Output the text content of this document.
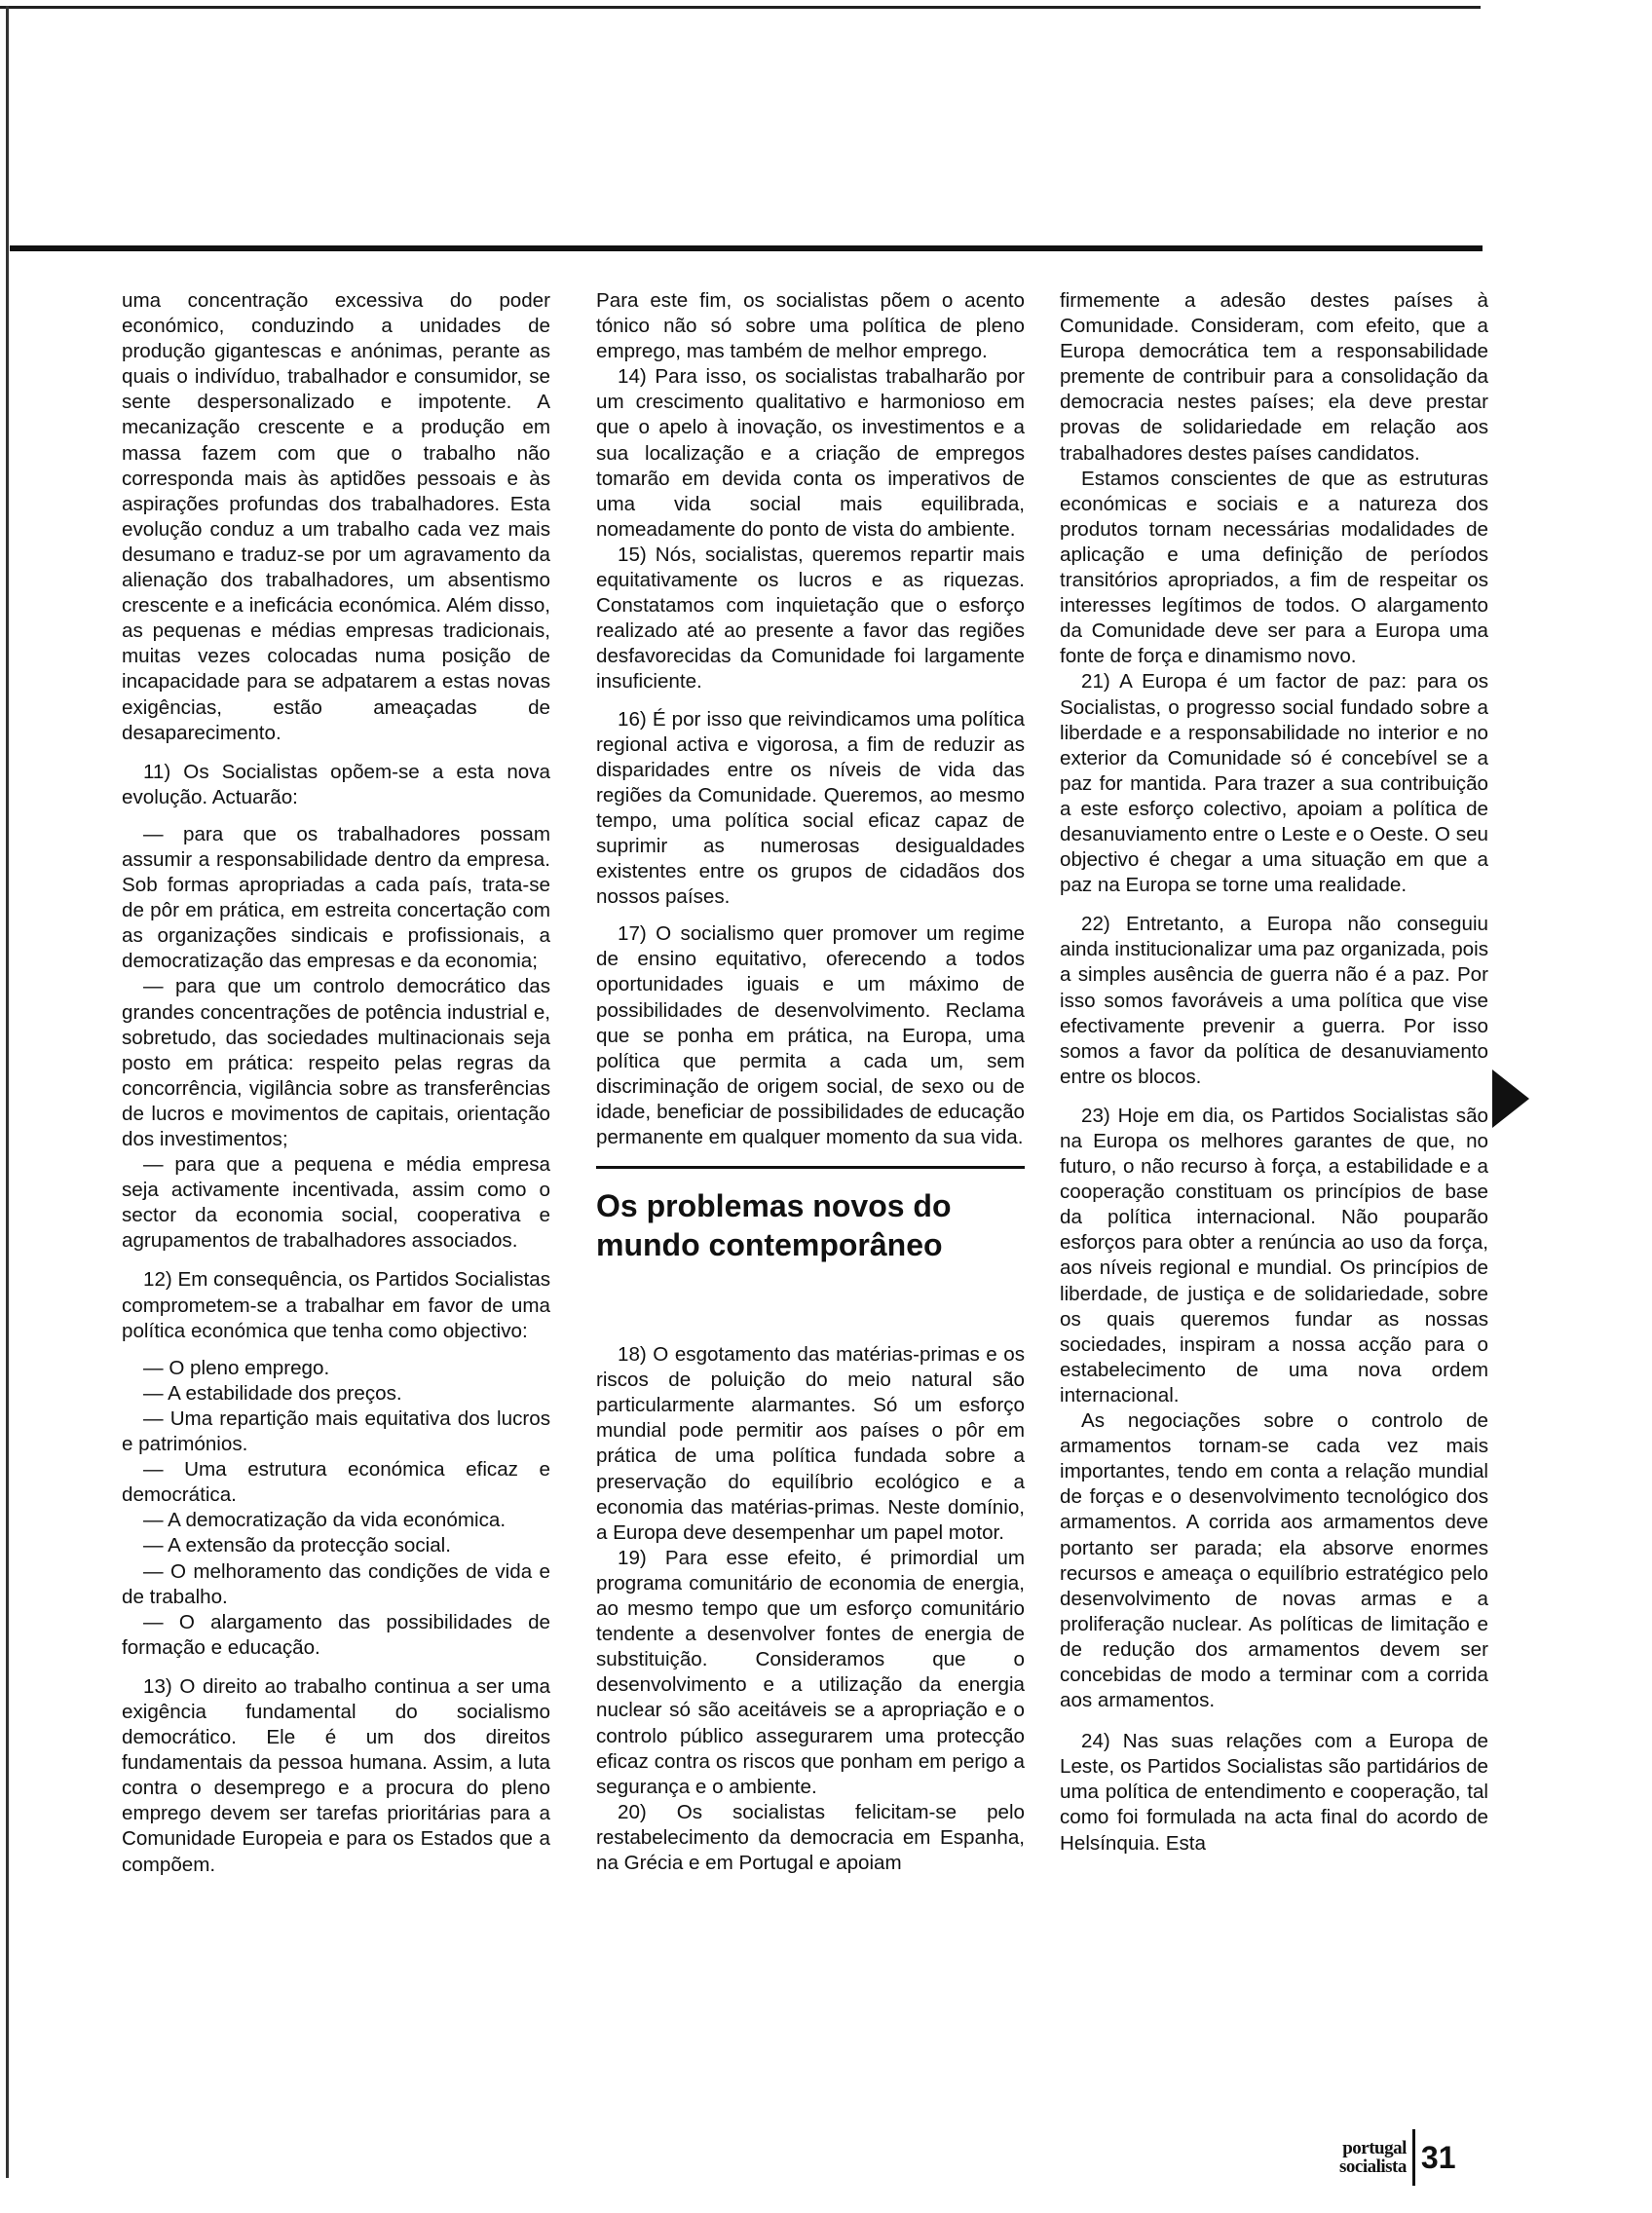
uma concentração excessiva do poder económico, conduzindo a unidades de produção gigantescas e anónimas, perante as quais o indivíduo, trabalhador e consumidor, se sente despersonalizado e impotente. A mecanização crescente e a produção em massa fazem com que o trabalho não corresponda mais às aptidões pessoais e às aspirações profundas dos trabalhadores. Esta evolução conduz a um trabalho cada vez mais desumano e traduz-se por um agravamento da alienação dos trabalhadores, um absentismo crescente e a ineficácia económica. Além disso, as pequenas e médias empresas tradicionais, muitas vezes colocadas numa posição de incapacidade para se adpatarem a estas novas exigências, estão ameaçadas de desaparecimento.

11) Os Socialistas opõem-se a esta nova evolução. Actuarão:

— para que os trabalhadores possam assumir a responsabilidade dentro da empresa. Sob formas apropriadas a cada país, trata-se de pôr em prática, em estreita concertação com as organizações sindicais e profissionais, a democratização das empresas e da economia;

— para que um controlo democrático das grandes concentrações de potência industrial e, sobretudo, das sociedades multinacionais seja posto em prática: respeito pelas regras da concorrência, vigilância sobre as transferências de lucros e movimentos de capitais, orientação dos investimentos;

— para que a pequena e média empresa seja activamente incentivada, assim como o sector da economia social, cooperativa e agrupamentos de trabalhadores associados.

12) Em consequência, os Partidos Socialistas comprometem-se a trabalhar em favor de uma política económica que tenha como objectivo:

— O pleno emprego.

— A estabilidade dos preços.

— Uma repartição mais equitativa dos lucros e patrimónios.

— Uma estrutura económica eficaz e democrática.

— A democratização da vida económica.

— A extensão da protecção social.

— O melhoramento das condições de vida e de trabalho.

— O alargamento das possibilidades de formação e educação.

13) O direito ao trabalho continua a ser uma exigência fundamental do socialismo democrático. Ele é um dos direitos fundamentais da pessoa humana. Assim, a luta contra o desemprego e a procura do pleno emprego devem ser tarefas prioritárias para a Comunidade Europeia e para os Estados que a compõem.

Para este fim, os socialistas põem o acento tónico não só sobre uma política de pleno emprego, mas também de melhor emprego.

14) Para isso, os socialistas trabalharão por um crescimento qualitativo e harmonioso em que o apelo à inovação, os investimentos e a sua localização e a criação de empregos tomarão em devida conta os imperativos de uma vida social mais equilibrada, nomeadamente do ponto de vista do ambiente.

15) Nós, socialistas, queremos repartir mais equitativamente os lucros e as riquezas. Constatamos com inquietação que o esforço realizado até ao presente a favor das regiões desfavorecidas da Comunidade foi largamente insuficiente.

16) É por isso que reivindicamos uma política regional activa e vigorosa, a fim de reduzir as disparidades entre os níveis de vida das regiões da Comunidade. Queremos, ao mesmo tempo, uma política social eficaz capaz de suprimir as numerosas desigualdades existentes entre os grupos de cidadãos dos nossos países.

17) O socialismo quer promover um regime de ensino equitativo, oferecendo a todos oportunidades iguais e um máximo de possibilidades de desenvolvimento. Reclama que se ponha em prática, na Europa, uma política que permita a cada um, sem discriminação de origem social, de sexo ou de idade, beneficiar de possibilidades de educação permanente em qualquer momento da sua vida.

Os problemas novos do mundo contemporâneo

18) O esgotamento das matérias-primas e os riscos de poluição do meio natural são particularmente alarmantes. Só um esforço mundial pode permitir aos países o pôr em prática de uma política fundada sobre a preservação do equilíbrio ecológico e a economia das matérias-primas. Neste domínio, a Europa deve desempenhar um papel motor.

19) Para esse efeito, é primordial um programa comunitário de economia de energia, ao mesmo tempo que um esforço comunitário tendente a desenvolver fontes de energia de substituição. Consideramos que o desenvolvimento e a utilização da energia nuclear só são aceitáveis se a apropriação e o controlo público assegurarem uma protecção eficaz contra os riscos que ponham em perigo a segurança e o ambiente.

20) Os socialistas felicitam-se pelo restabelecimento da democracia em Espanha, na Grécia e em Portugal e apoiam

firmemente a adesão destes países à Comunidade. Consideram, com efeito, que a Europa democrática tem a responsabilidade premente de contribuir para a consolidação da democracia nestes países; ela deve prestar provas de solidariedade em relação aos trabalhadores destes países candidatos.

Estamos conscientes de que as estruturas económicas e sociais e a natureza dos produtos tornam necessárias modalidades de aplicação e uma definição de períodos transitórios apropriados, a fim de respeitar os interesses legítimos de todos. O alargamento da Comunidade deve ser para a Europa uma fonte de força e dinamismo novo.

21) A Europa é um factor de paz: para os Socialistas, o progresso social fundado sobre a liberdade e a responsabilidade no interior e no exterior da Comunidade só é concebível se a paz for mantida. Para trazer a sua contribuição a este esforço colectivo, apoiam a política de desanuviamento entre o Leste e o Oeste. O seu objectivo é chegar a uma situação em que a paz na Europa se torne uma realidade.

22) Entretanto, a Europa não conseguiu ainda institucionalizar uma paz organizada, pois a simples ausência de guerra não é a paz. Por isso somos favoráveis a uma política que vise efectivamente prevenir a guerra. Por isso somos a favor da política de desanuviamento entre os blocos.

23) Hoje em dia, os Partidos Socialistas são na Europa os melhores garantes de que, no futuro, o não recurso à força, a estabilidade e a cooperação constituam os princípios de base da política internacional. Não pouparão esforços para obter a renúncia ao uso da força, aos níveis regional e mundial. Os princípios de liberdade, de justiça e de solidariedade, sobre os quais queremos fundar as nossas sociedades, inspiram a nossa acção para o estabelecimento de uma nova ordem internacional.

As negociações sobre o controlo de armamentos tornam-se cada vez mais importantes, tendo em conta a relação mundial de forças e o desenvolvimento tecnológico dos armamentos. A corrida aos armamentos deve portanto ser parada; ela absorve enormes recursos e ameaça o equilíbrio estratégico pelo desenvolvimento de novas armas e a proliferação nuclear. As políticas de limitação e de redução dos armamentos devem ser concebidas de modo a terminar com a corrida aos armamentos.

24) Nas suas relações com a Europa de Leste, os Partidos Socialistas são partidários de uma política de entendimento e cooperação, tal como foi formulada na acta final do acordo de Helsínquia. Esta

portugal
socialista 31
